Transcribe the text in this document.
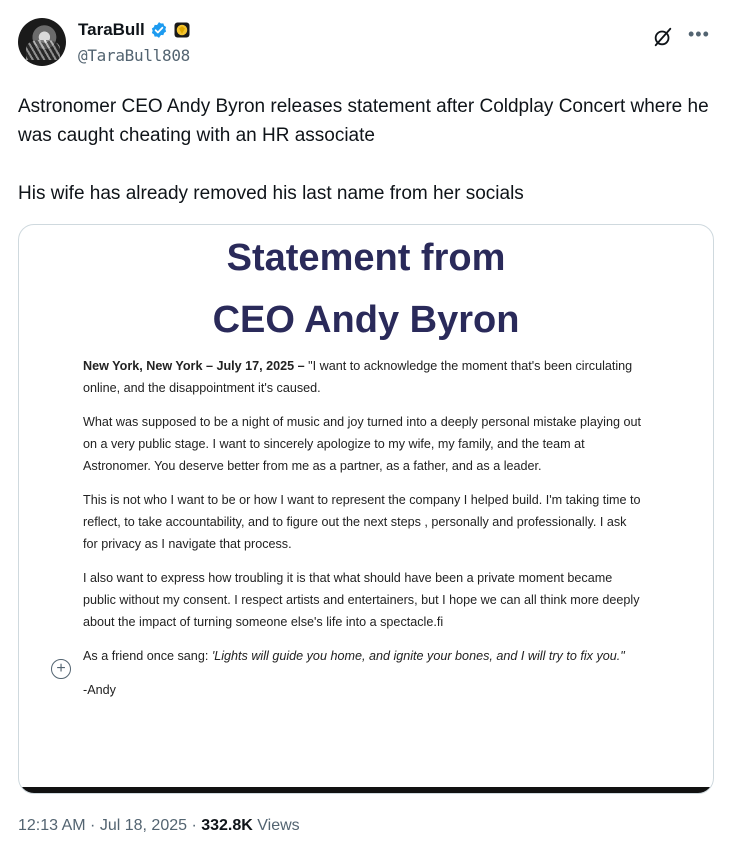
TaraBull
@TaraBull808
•••

Astronomer CEO Andy Byron releases statement after Coldplay Concert where he was caught cheating with an HR associate

His wife has already removed his last name from her socials

Statement from
CEO Andy Byron

New York, New York – July 17, 2025 – "I want to acknowledge the moment that's been circulating online, and the disappointment it's caused.

What was supposed to be a night of music and joy turned into a deeply personal mistake playing out on a very public stage. I want to sincerely apologize to my wife, my family, and the team at Astronomer. You deserve better from me as a partner, as a father, and as a leader.

This is not who I want to be or how I want to represent the company I helped build. I'm taking time to reflect, to take accountability, and to figure out the next steps , personally and professionally. I ask for privacy as I navigate that process.

I also want to express how troubling it is that what should have been a private moment became public without my consent. I respect artists and entertainers, but I hope we can all think more deeply about the impact of turning someone else's life into a spectacle.fi

As a friend once sang: 'Lights will guide you home, and ignite your bones, and I will try to fix you."

-Andy

+
12:13 AM · Jul 18, 2025 · 332.8K Views
